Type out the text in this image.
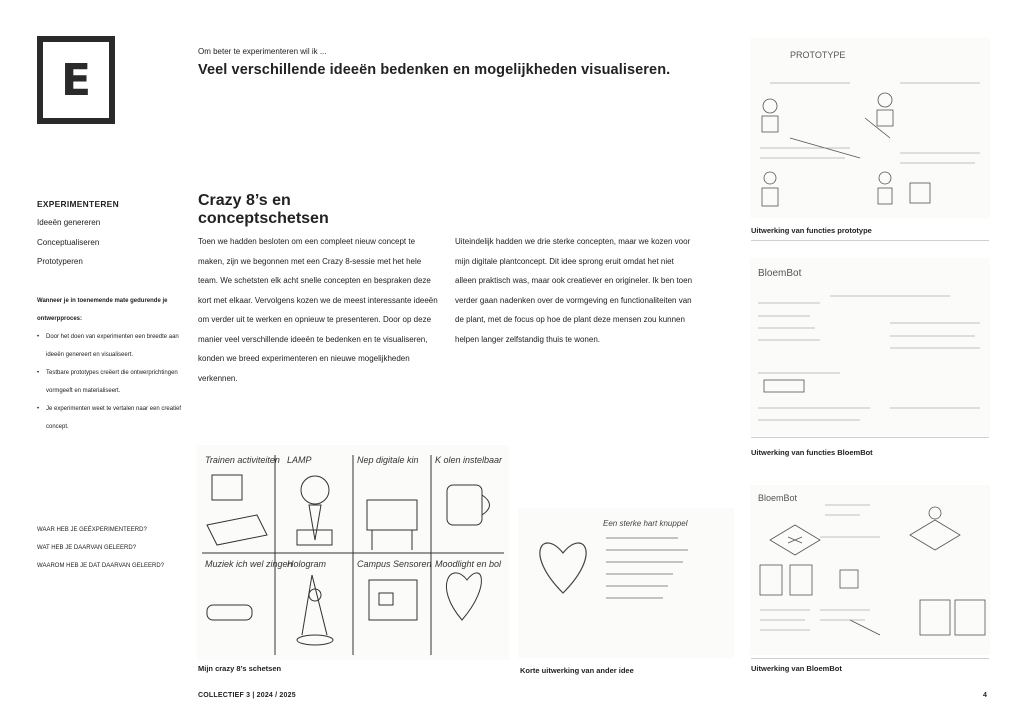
E
Om beter te experimenteren wil ik ...
Veel verschillende ideeën bedenken en mogelijkheden visualiseren.
EXPERIMENTEREN
Ideeën genereren
Conceptualiseren
Prototyperen

Wanneer je in toenemende mate gedurende je ontwerpproces:

• Door het doen van experimenten een breedte aan ideeën genereert en visualiseert.
• Testbare prototypes creëert die ontwerprichtingen vormgeeft en materialiseert.
• Je experimenten weet te vertalen naar een creatief concept.
WAAR HEB JE GEËXPERIMENTEERD?
WAT HEB JE DAARVAN GELEERD?
WAAROM HEB JE DAT DAARVAN GELEERD?
Crazy 8’s en conceptschetsen
Toen we hadden besloten om een compleet nieuw concept te maken, zijn we begonnen met een Crazy 8-sessie met het hele team. We schetsten elk acht snelle concepten en bespraken deze kort met elkaar. Vervolgens kozen we de meest interessante ideeën om verder uit te werken en opnieuw te presenteren. Door op deze manier veel verschillende ideeën te bedenken en te visualiseren, konden we breed experimenteren en nieuwe mogelijkheden verkennen.
Uiteindelijk hadden we drie sterke concepten, maar we kozen voor mijn digitale plantconcept. Dit idee sprong eruit omdat het niet alleen praktisch was, maar ook creatiever en origineler. Ik ben toen verder gaan nadenken over de vormgeving en functionaliteiten van de plant, met de focus op hoe de plant deze mensen zou kunnen helpen langer zelfstandig thuis te wonen.
Trainen activiteiten LAMP	Nep digitale kin K olen instelbaar
Muziek ich wel zingen
Hologram	Campus Sensoren Moodlight en bol
Mijn crazy 8’s schetsen
Een sterke hart knuppel
Korte uitwerking van ander idee
PROTOTYPE
Uitwerking van functies prototype
BloemBot
Uitwerking van functies BloemBot
BloemBot
Uitwerking van BloemBot
COLLECTIEF 3 | 2024 / 2025	4
